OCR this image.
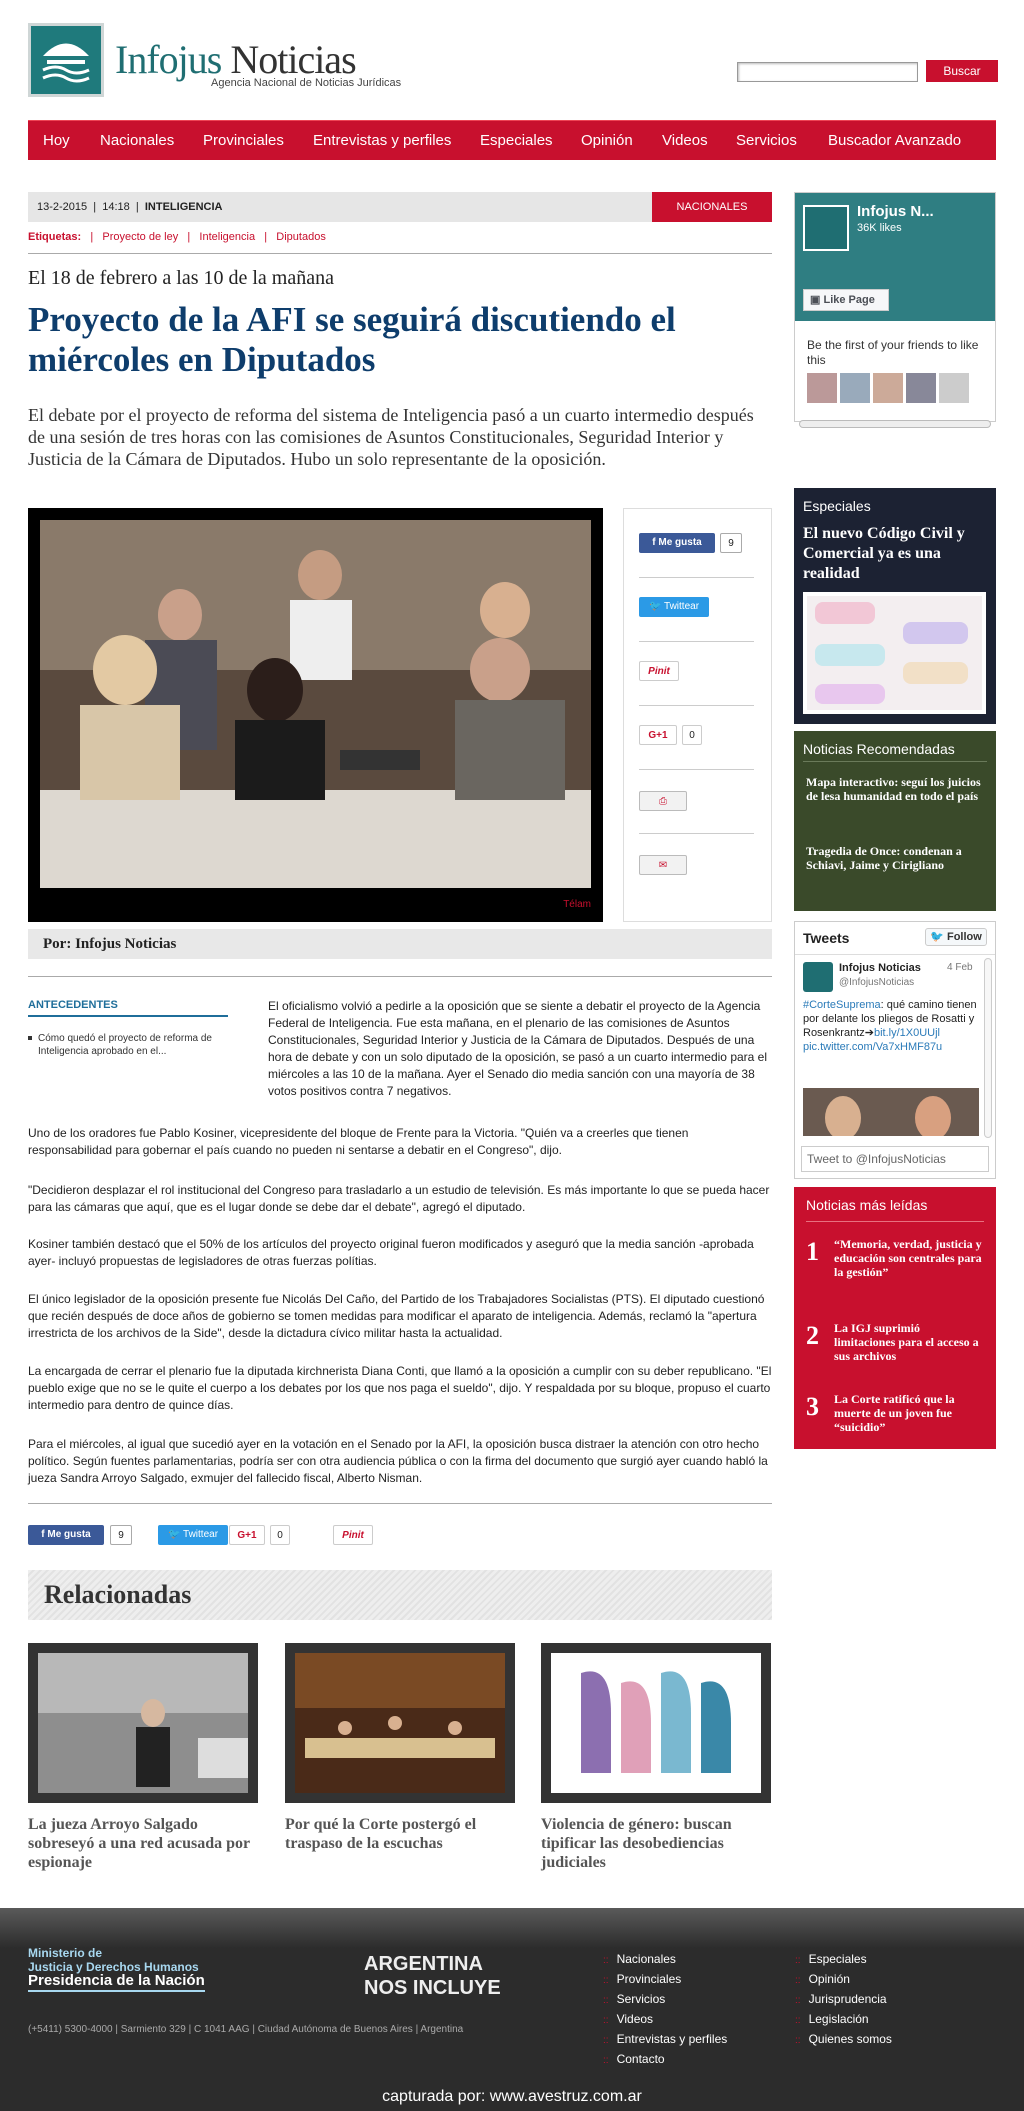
Infojus Noticias
Agencia Nacional de Noticias Jurídicas
Buscar
Hoy Nacionales Provinciales Entrevistas y perfiles Especiales Opinión Videos Servicios Buscador Avanzado
13-2-2015  |  14:18  |  INTELIGENCIA	NACIONALES
Etiquetas:   |   Proyecto de ley   |   Inteligencia   |   Diputados
El 18 de febrero a las 10 de la mañana
Proyecto de la AFI se seguirá discutiendo el miércoles en Diputados
El debate por el proyecto de reforma del sistema de Inteligencia pasó a un cuarto intermedio después de una sesión de tres horas con las comisiones de Asuntos Constitucionales, Seguridad Interior y Justicia de la Cámara de Diputados. Hubo un solo representante de la oposición.
Télam
f Me gusta	9
🐦 Twittear
Pinit
G+1	0
⎙
✉
Por: Infojus Noticias
ANTECEDENTES
Cómo quedó el proyecto de reforma de Inteligencia aprobado en el...
El oficialismo volvió a pedirle a la oposición que se siente a debatir el proyecto de la Agencia Federal de Inteligencia. Fue esta mañana, en el plenario de las comisiones de Asuntos Constitucionales, Seguridad Interior y Justicia de la Cámara de Diputados. Después de una hora de debate y con un solo diputado de la oposición, se pasó a un cuarto intermedio para el miércoles a las 10 de la mañana. Ayer el Senado dio media sanción con una mayoría de 38 votos positivos contra 7 negativos.
Uno de los oradores fue Pablo Kosiner, vicepresidente del bloque de Frente para la Victoria. "Quién va a creerles que tienen responsabilidad para gobernar el país cuando no pueden ni sentarse a debatir en el Congreso", dijo.
"Decidieron desplazar el rol institucional del Congreso para trasladarlo a un estudio de televisión. Es más importante lo que se pueda hacer para las cámaras que aquí, que es el lugar donde se debe dar el debate", agregó el diputado.
Kosiner también destacó que el 50% de los artículos del proyecto original fueron modificados y aseguró que la media sanción -aprobada ayer- incluyó propuestas de legisladores de otras fuerzas polítias.
El único legislador de la oposición presente fue Nicolás Del Caño, del Partido de los Trabajadores Socialistas (PTS). El diputado cuestionó que recién después de doce años de gobierno se tomen medidas para modificar el aparato de inteligencia. Además, reclamó la "apertura irrestricta de los archivos de la Side", desde la dictadura cívico militar hasta la actualidad.
La encargada de cerrar el plenario fue la diputada kirchnerista Diana Conti, que llamó a la oposición a cumplir con su deber republicano. "El pueblo exige que no se le quite el cuerpo a los debates por los que nos paga el sueldo", dijo. Y respaldada por su bloque, propuso el cuarto intermedio para dentro de quince días.
Para el miércoles, al igual que sucedió ayer en la votación en el Senado por la AFI, la oposición busca distraer la atención con otro hecho político. Según fuentes parlamentarias, podría ser con otra audiencia pública o con la firma del documento que surgió ayer cuando habló la jueza Sandra Arroyo Salgado, exmujer del fallecido fiscal, Alberto Nisman.
f Me gusta	9	🐦 Twittear	G+1	0	Pinit
Relacionadas
La jueza Arroyo Salgado sobreseyó a una red acusada por espionaje
Por qué la Corte postergó el traspaso de la escuchas
Violencia de género: buscan tipificar las desobediencias judiciales
Infojus N...
36K likes
▣ Like Page
Be the first of your friends to like this
Especiales
El nuevo Código Civil y Comercial ya es una realidad
Noticias Recomendadas
Mapa interactivo: seguí los juicios de lesa humanidad en todo el país
Tragedia de Once: condenan a Schiavi, Jaime y Cirigliano
Tweets	🐦 Follow
Infojus Noticias
@InfojusNoticias
4 Feb
#CorteSuprema: qué camino tienen por delante los pliegos de Rosatti y Rosenkrantz➔bit.ly/1X0UUjl
pic.twitter.com/Va7xHMF87u
Tweet to @InfojusNoticias
Noticias más leídas
1 “Memoria, verdad, justicia y educación son centrales para la gestión”
2 La IGJ suprimió limitaciones para el acceso a sus archivos
3 La Corte ratificó que la muerte de un joven fue “suicidio”
Ministerio de
Justicia y Derechos Humanos
Presidencia de la Nación
ARGENTINA
NOS INCLUYE
(+5411) 5300-4000 | Sarmiento 329 | C 1041 AAG | Ciudad Autónoma de Buenos Aires | Argentina
:: Nacionales
:: Provinciales
:: Servicios
:: Videos
:: Entrevistas y perfiles
:: Contacto
:: Especiales
:: Opinión
:: Jurisprudencia
:: Legislación
:: Quienes somos
capturada por: www.avestruz.com.ar
